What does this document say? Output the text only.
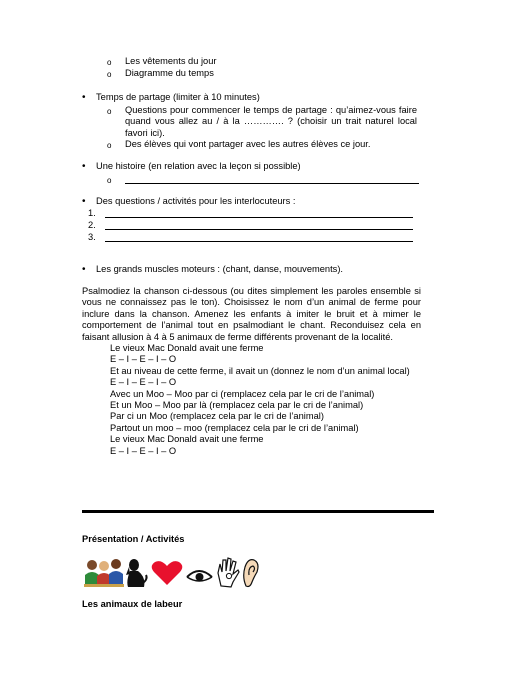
o Les vêtements du jour
o Diagramme du temps
• Temps de partage (limiter à 10 minutes)
o Questions pour commencer le temps de partage : qu’aimez-vous faire quand vous allez au / à la …………. ? (choisir un trait naturel local favori ici).
o Des élèves qui vont partager avec les autres élèves ce jour.
• Une histoire (en relation avec la leçon si possible)
o
• Des questions / activités pour les interlocuteurs :
1.
2.
3.
• Les grands muscles moteurs : (chant, danse, mouvements).
Psalmodiez la chanson ci-dessous (ou dites simplement les paroles ensemble si vous ne connaissez pas le ton). Choisissez le nom d’un animal de ferme pour inclure dans la chanson. Amenez les enfants à imiter le bruit et à mimer le comportement de l’animal tout en psalmodiant le chant. Reconduisez cela en faisant allusion à 4 à 5 animaux de ferme différents provenant de la localité.
Le vieux Mac Donald avait une ferme
E – I – E – I – O
Et au niveau de cette ferme, il avait un (donnez le nom d’un animal local)
E – I – E – I – O
Avec un Moo – Moo par ci (remplacez cela par le cri de l’animal)
Et un Moo – Moo par là (remplacez cela par le cri de l’animal)
Par ci un Moo (remplacez cela par le cri de l’animal)
Partout un moo – moo (remplacez cela par le cri de l’animal)
Le vieux Mac Donald avait une ferme
E – I – E – I – O
Présentation / Activités
Les animaux de labeur
